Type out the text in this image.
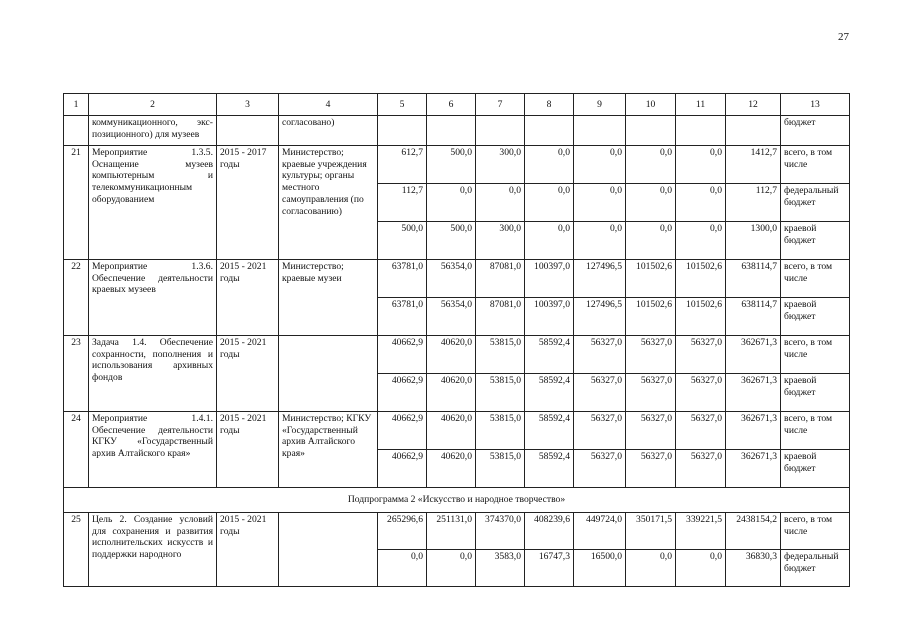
27
1	2	3	4	5	6	7	8	9	10	11	12	13
	коммуникационного, экс-позиционного) для музеев		согласовано)									бюджет
21	Мероприятие 1.3.5. Оснащение музеев компьютерным и телекоммуникационным оборудованием	2015 - 2017 годы	Министерство; краевые учреждения культуры; органы местного самоуправления (по согласованию)	612,7	500,0	300,0	0,0	0,0	0,0	0,0	1412,7	всего, в том числе
				112,7	0,0	0,0	0,0	0,0	0,0	0,0	112,7	федеральный бюджет
				500,0	500,0	300,0	0,0	0,0	0,0	0,0	1300,0	краевой бюджет
22	Мероприятие 1.3.6. Обеспечение деятельности краевых музеев	2015 - 2021 годы	Министерство; краевые музеи	63781,0	56354,0	87081,0	100397,0	127496,5	101502,6	101502,6	638114,7	всего, в том числе
				63781,0	56354,0	87081,0	100397,0	127496,5	101502,6	101502,6	638114,7	краевой бюджет
23	Задача 1.4. Обеспечение сохранности, пополнения и использования архивных фондов	2015 - 2021 годы		40662,9	40620,0	53815,0	58592,4	56327,0	56327,0	56327,0	362671,3	всего, в том числе
				40662,9	40620,0	53815,0	58592,4	56327,0	56327,0	56327,0	362671,3	краевой бюджет
24	Мероприятие 1.4.1. Обеспечение деятельности КГКУ «Государственный архив Алтайского края»	2015 - 2021 годы	Министерство; КГКУ «Государственный архив Алтайского края»	40662,9	40620,0	53815,0	58592,4	56327,0	56327,0	56327,0	362671,3	всего, в том числе
				40662,9	40620,0	53815,0	58592,4	56327,0	56327,0	56327,0	362671,3	краевой бюджет
Подпрограмма 2 «Искусство и народное творчество»												
25	Цель 2. Создание условий для сохранения и развития исполнительских искусств и поддержки народного	2015 - 2021 годы		265296,6	251131,0	374370,0	408239,6	449724,0	350171,5	339221,5	2438154,2	всего, в том числе
				0,0	0,0	3583,0	16747,3	16500,0	0,0	0,0	36830,3	федеральный бюджет
